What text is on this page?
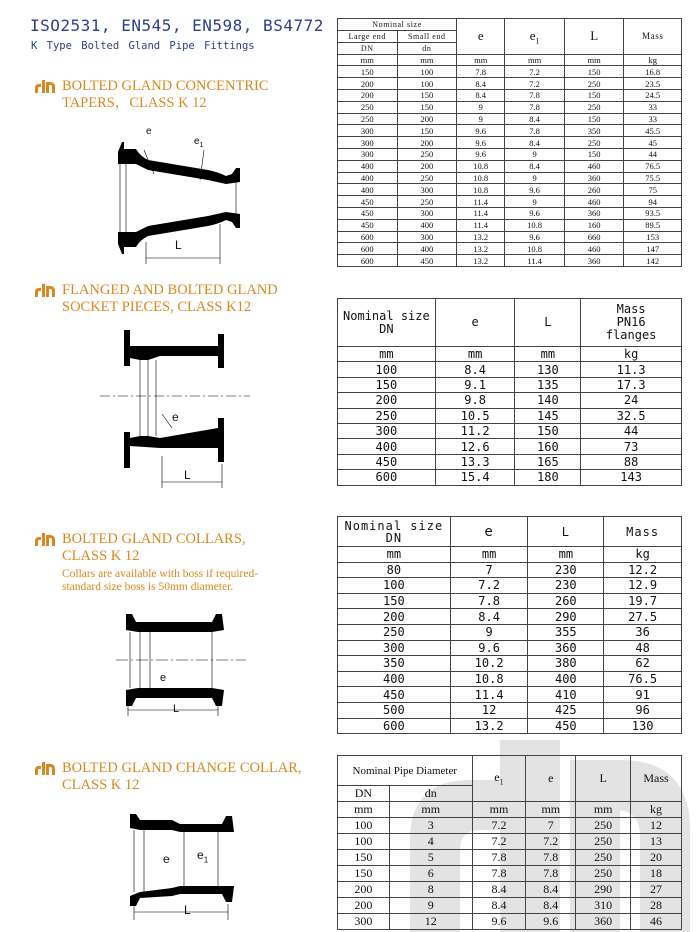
ISO2531, EN545, EN598, BS4772
K Type Bolted Gland Pipe Fittings
BOLTED GLAND CONCENTRIC
TAPERS，CLASS K 12
e
$e_1$
L
Nominal size		e	$e_1$	L	Mass
Large end	Small end				
DN	dn				
mm	mm	mm	mm	mm	kg
150	100	7.8	7.2	150	16.8
200	100	8.4	7.2	250	23.5
200	150	8.4	7.8	150	24.5
250	150	9	7.8	250	33
250	200	9	8.4	150	33
300	150	9.6	7.8	350	45.5
300	200	9.6	8.4	250	45
300	250	9.6	9	150	44
400	200	10.8	8.4	460	76.5
400	250	10.8	9	360	75.5
400	300	10.8	9.6	260	75
450	250	11.4	9	460	94
450	300	11.4	9.6	360	93.5
450	400	11.4	10.8	160	89.5
600	300	13.2	9.6	660	153
600	400	13.2	10.8	460	147
600	450	13.2	11.4	360	142
FLANGED AND BOLTED GLAND
SOCKET PIECES, CLASS K12
e
L
Nominal size
DN	e	L	Mass
PN16
flanges
mm	mm	mm	kg
100	8.4	130	11.3
150	9.1	135	17.3
200	9.8	140	24
250	10.5	145	32.5
300	11.2	150	44
400	12.6	160	73
450	13.3	165	88
600	15.4	180	143
BOLTED GLAND COLLARS,
CLASS K 12
Collars are available with boss if required-
standard size boss is 50mm diameter.
e
L
Nominal size
DN	e	L	Mass
mm	mm	mm	kg
80	7	230	12.2
100	7.2	230	12.9
150	7.8	260	19.7
200	8.4	290	27.5
250	9	355	36
300	9.6	360	48
350	10.2	380	62
400	10.8	400	76.5
450	11.4	410	91
500	12	425	96
600	13.2	450	130
BOLTED GLAND CHANGE COLLAR,
CLASS K 12
e $e_1$
L
Nominal Pipe Diameter		$e_1$	e	L	Mass
DN	dn				
mm	mm	mm	mm	mm	kg
100	3	7.2	7	250	12
100	4	7.2	7.2	250	13
150	5	7.8	7.8	250	20
150	6	7.8	7.8	250	18
200	8	8.4	8.4	290	27
200	9	8.4	8.4	310	28
300	12	9.6	9.6	360	46
